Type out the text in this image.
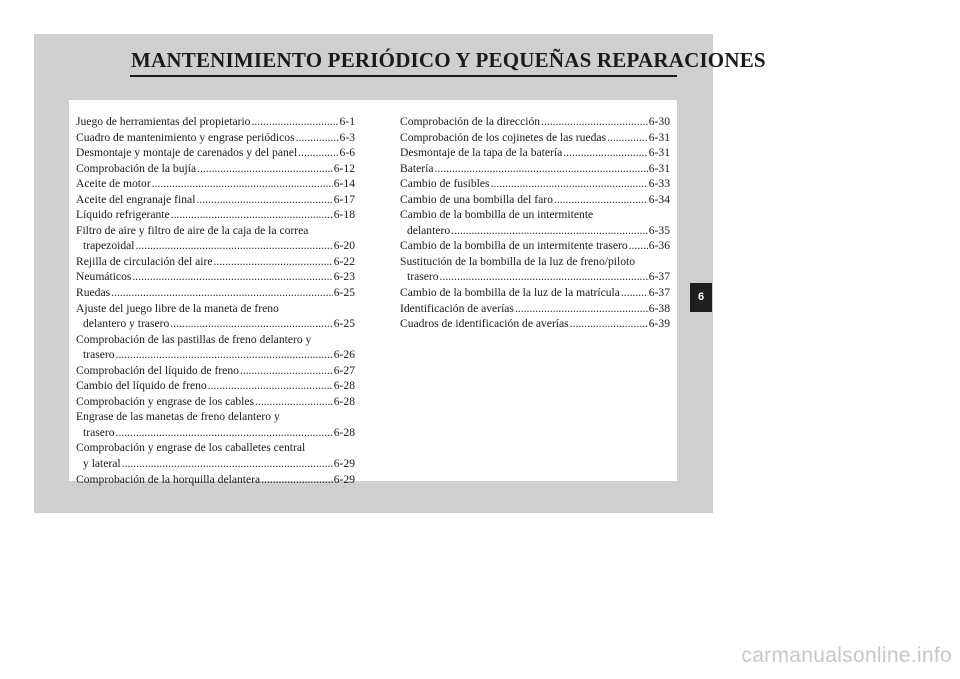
MANTENIMIENTO PERIÓDICO Y PEQUEÑAS REPARACIONES
Juego de herramientas del propietario .....	6-1
Cuadro de mantenimiento y engrase periódicos .....	6-3
Desmontaje y montaje de carenados y del panel .....	6-6
Comprobación de la bujía .....	6-12
Aceite de motor .....	6-14
Aceite del engranaje final .....	6-17
Líquido refrigerante .....	6-18
Filtro de aire y filtro de aire de la caja de la correa
trapezoidal .....	6-20
Rejilla de circulación del aire .....	6-22
Neumáticos .....	6-23
Ruedas .....	6-25
Ajuste del juego libre de la maneta de freno
delantero y trasero .....	6-25
Comprobación de las pastillas de freno delantero y
trasero .....	6-26
Comprobación del líquido de freno .....	6-27
Cambio del líquido de freno .....	6-28
Comprobación y engrase de los cables .....	6-28
Engrase de las manetas de freno delantero y
trasero .....	6-28
Comprobación y engrase de los caballetes central
y lateral .....	6-29
Comprobación de la horquilla delantera .....	6-29
Comprobación de la dirección .....	6-30
Comprobación de los cojinetes de las ruedas .....	6-31
Desmontaje de la tapa de la batería .....	6-31
Batería .....	6-31
Cambio de fusibles .....	6-33
Cambio de una bombilla del faro .....	6-34
Cambio de la bombilla de un intermitente
delantero .....	6-35
Cambio de la bombilla de un intermitente trasero ..... 6-36
Sustitución de la bombilla de la luz de freno/piloto
trasero .....	6-37
Cambio de la bombilla de la luz de la matrícula ..... 6-37
Identificación de averías .....	6-38
Cuadros de identificación de averías .....	6-39
6
carmanualsonline.info
